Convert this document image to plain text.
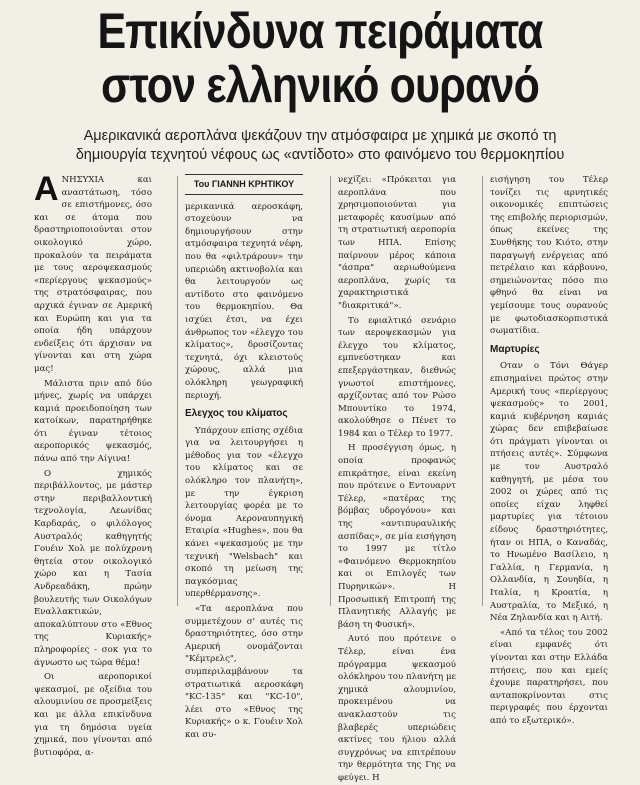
Επικίνδυνα πειράματα
στον ελληνικό ουρανό
Αμερικανικά αεροπλάνα ψεκάζουν την ατμόσφαιρα με χημικά με σκοπό τη
δημιουργία τεχνητού νέφους ως «αντίδοτο» στο φαινόμενο του θερμοκηπίου
Α ΝΗΣΥΧΙΑ και αναστάτωση, τόσο σε επιστήμονες, όσο και σε άτομα που δραστηριοποιούνται στον οικολογικό χώρο, προκαλούν τα πειράματα με τους αεροψεκασμούς «περίεργους ψεκασμούς» της στρατόσφαιρας, που αρχικά έγιναν σε Αμερική και Ευρώπη και για τα οποία ήδη υπάρχουν ενδείξεις ότι άρχισαν να γίνονται και στη χώρα μας!

Μάλιστα πριν από δύο μήνες, χωρίς να υπάρχει καμιά προειδοποίηση των κατοίκων, παρατηρήθηκε ότι έγιναν τέτοιος αεροπορικός ψεκασμός, πάνω από την Αίγινα!

Ο χημικός περιβάλλοντος, με μάστερ στην περιβαλλοντική τεχνολογία, Λεωνίδας Καρδαράς, ο φιλόλογος Αυστραλός καθηγητής Γουέιν Χολ με πολύχρονη θητεία στον οικολογικό χώρο και η Τασία Ανδρεαδάκη, πρώην βουλευτής των Οικολόγων Εναλλακτικών, αποκαλύπτουν στο «Εθνος της Κυριακής» πληροφορίες - σοκ για το άγνωστο ως τώρα θέμα!

Οι αεροπορικοί ψεκασμοί, με οξείδια του αλουμινίου σε προσμείξεις και με άλλα επικίνδυνα για τη δημόσια υγεία χημικά, που γίνονται από βυτιοφόρα, α-

Του ΓΙΑΝΝΗ ΚΡΗΤΙΚΟΥ

μερικανικά αεροσκάφη, στοχεύουν να δημιουργήσουν στην ατμόσφαιρα τεχνητά νέφη, που θα «φιλτράρουν» την υπεριώδη ακτινοβολία και θα λειτουργούν ως αντίδοτο στο φαινόμενο του θερμοκηπίου. Θα ισχύει έτσι, να έχει άνθρωπος τον «έλεγχο του κλίματος», δροσίζοντας τεχνητά, όχι κλειστούς χώρους, αλλά μια ολόκληρη γεωγραφική περιοχή.

Ελεγχος του κλίματος

Υπάρχουν επίσης σχέδια για να λειτουργήσει η μέθοδος για τον «έλεγχο του κλίματος και σε ολόκληρο τον πλανήτη», με την έγκριση λειτουργίας φορέα με το όνομα Αεροναυπηγική Εταιρία «Hughes», που θα κάνει «ψεκασμούς με την τεχνική "Welsbach" και σκοπό τη μείωση της παγκόσμιας υπερθέρμανσης».

«Τα αεροπλάνα που συμμετέχουν σ' αυτές τις δραστηριότητες, όσο στην Αμερική ονομάζονται "Κέμτρελς", συμπεριλαμβάνουν τα στρατιωτικά αεροσκάφη "ΚC-135" και "ΚC-10", λέει στο «Εθνος της Κυριακής» ο κ. Γουέιν Χολ και συ-

νεχίζει: «Πρόκειται για αεροπλάνα που χρησιμοποιούνται για μεταφορές καυσίμων από τη στρατιωτική αεροπορία των ΗΠΑ. Επίσης παίρνουν μέρος κάποια "άσπρα" αεριωθούμενα αεροπλάνα, χωρίς τα χαρακτηριστικά "διακριτικά"».

Το εφιαλτικό σενάριο των αεροψεκασμών για έλεγχο του κλίματος, εμπνεύστηκαν και επεξεργάστηκαν, διεθνώς γνωστοί επιστήμονες, αρχίζοντας από τον Ρώσο Μπουντίκο το 1974, ακολούθησε ο Πένετ το 1984 και ο Τέλερ το 1977.

Η προσέγγιση όμως, η οποία προφανώς επικράτησε, είναι εκείνη που πρότεινε ο Εντουαρντ Τέλερ, «πατέρας της βόμβας υδρογόνου» και της «αντιπυραυλικής ασπίδας», σε μία εισήγηση το 1997 με τίτλο «Φαινόμενο Θερμοκηπίου και οι Επιλογές των Πυρηνικών». Η Προσωπική Επιτροπή της Πλανητικής Αλλαγής με βάση τη Φυσική».

Αυτό που πρότεινε ο Τέλερ, είναι ένα πρόγραμμα ψεκασμού ολόκληρου του πλανήτη με χημικά αλουμινίου, προκειμένου να ανακλαστούν τις βλαβερές υπεριώδεις ακτίνες του ήλιου αλλά συγχρόνως να επιτρέπουν την θερμότητα της Γης να φεύγει. Η

εισήγηση του Τέλερ τονίζει τις αρνητικές οικονομικές επιπτώσεις της επιβολής περιορισμών, όπως εκείνες της Συνθήκης του Κιότο, στην παραγωγή ενέργειας από πετρέλαιο και κάρβουνο, σημειώνοντας πόσο πιο φθηνό θα είναι να γεμίσουμε τους ουρανούς με φωτοδιασκορπιστικά σωματίδια.

Μαρτυρίες

Οταν ο Τόνι Θάγερ επισημαίνει πρώτος στην Αμερική τους «περίεργους ψεκασμούς» το 2001, καμιά κυβέρνηση καμιάς χώρας δεν επιβεβαίωσε ότι πράγματι γίνονται οι πτήσεις αυτές». Σύμφωνα με τον Αυστραλό καθηγητή, με μέσα του 2002 οι χώρες από τις οποίες είχαν ληφθεί μαρτυρίες για τέτοιου είδους δραστηριότητες, ήταν οι ΗΠΑ, ο Καναδάς, το Ηνωμένο Βασίλειο, η Γαλλία, η Γερμανία, η Ολλανδία, η Σουηδία, η Ιταλία, η Κροατία, η Αυστραλία, το Μεξικό, η Νέα Ζηλανδία και η Αιτή.

«Από τα τέλος του 2002 είναι εμφανές ότι γίνονται και στην Ελλάδα πτήσεις, που και εμείς έχουμε παρατηρήσει, που ανταποκρίνονται στις περιγραφές που έρχονται από το εξωτερικό».
